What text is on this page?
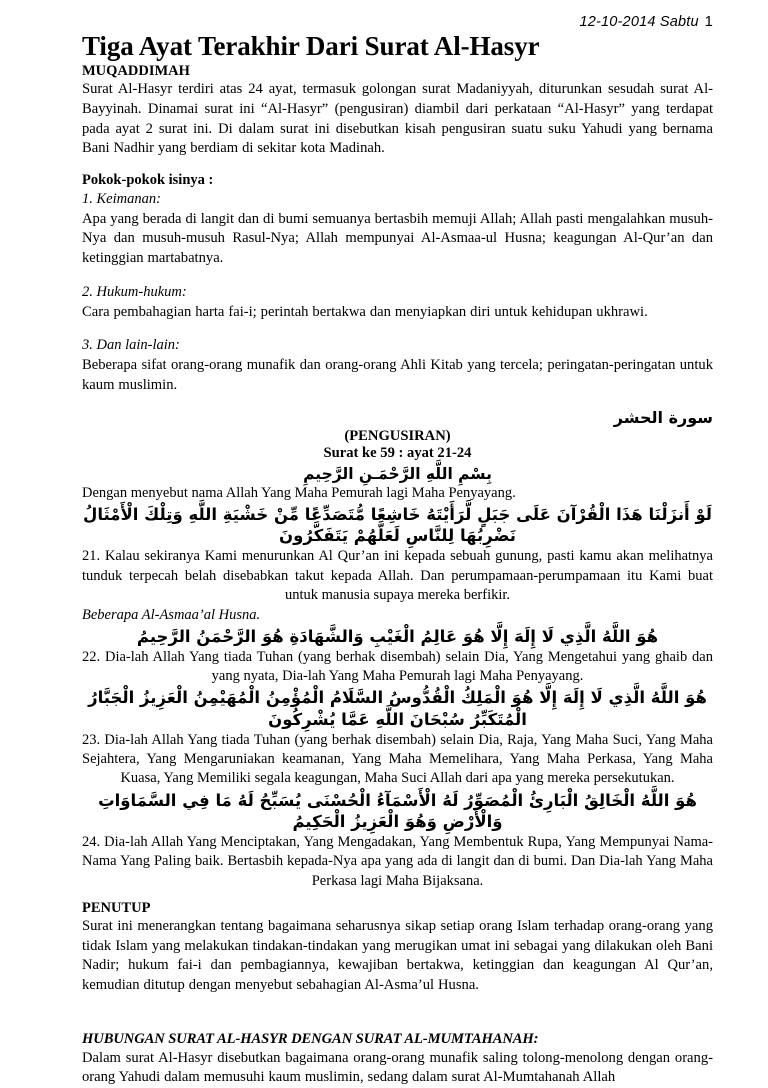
12-10-2014 Sabtu 1
Tiga Ayat Terakhir Dari Surat Al-Hasyr
MUQADDIMAH

Surat Al-Hasyr terdiri atas 24 ayat, termasuk golongan surat Madaniyyah, diturunkan sesudah surat Al-Bayyinah. Dinamai surat ini “Al-Hasyr” (pengusiran) diambil dari perkataan “Al-Hasyr” yang terdapat pada ayat 2 surat ini. Di dalam surat ini disebutkan kisah pengusiran suatu suku Yahudi yang bernama Bani Nadhir yang berdiam di sekitar kota Madinah.

Pokok-pokok isinya :
1. Keimanan:

Apa yang berada di langit dan di bumi semuanya bertasbih memuji Allah; Allah pasti mengalahkan musuh-Nya dan musuh-musuh Rasul-Nya; Allah mempunyai Al-Asmaa-ul Husna; keagungan Al-Qur’an dan ketinggian martabatnya.

2. Hukum-hukum:

Cara pembahagian harta fai-i; perintah bertakwa dan menyiapkan diri untuk kehidupan ukhrawi.

3. Dan lain-lain:

Beberapa sifat orang-orang munafik dan orang-orang Ahli Kitab yang tercela; peringatan-peringatan untuk kaum muslimin.

سورة الحشر
(PENGUSIRAN)
Surat ke 59 : ayat 21-24
بِسْمِ اللَّهِ الرَّحْمَـنِ الرَّحِيمِ

Dengan menyebut nama Allah Yang Maha Pemurah lagi Maha Penyayang.

لَوْ أَنزَلْنَا هَذَا الْقُرْآنَ عَلَى جَبَلٍ لَّرَأَيْتَهُ خَاشِعًا مُّتَصَدِّعًا مِّنْ خَشْيَةِ اللَّهِ وَتِلْكَ الْأَمْثَالُ نَضْرِبُهَا لِلنَّاسِ لَعَلَّهُمْ يَتَفَكَّرُونَ

21. Kalau sekiranya Kami menurunkan Al Qur’an ini kepada sebuah gunung, pasti kamu akan melihatnya tunduk terpecah belah disebabkan takut kepada Allah. Dan perumpamaan-perumpamaan itu Kami buat untuk manusia supaya mereka berfikir.

Beberapa Al-Asmaa’al Husna.
هُوَ اللَّهُ الَّذِي لَا إِلَهَ إِلَّا هُوَ عَالِمُ الْغَيْبِ وَالشَّهَادَةِ هُوَ الرَّحْمَنُ الرَّحِيمُ

22. Dia-lah Allah Yang tiada Tuhan (yang berhak disembah) selain Dia, Yang Mengetahui yang ghaib dan yang nyata, Dia-lah Yang Maha Pemurah lagi Maha Penyayang.

هُوَ اللَّهُ الَّذِي لَا إِلَهَ إِلَّا هُوَ الْمَلِكُ الْقُدُّوسُ السَّلَامُ الْمُؤْمِنُ الْمُهَيْمِنُ الْعَزِيزُ الْجَبَّارُ الْمُتَكَبِّرُ سُبْحَانَ اللَّهِ عَمَّا يُشْرِكُونَ

23. Dia-lah Allah Yang tiada Tuhan (yang berhak disembah) selain Dia, Raja, Yang Maha Suci, Yang Maha Sejahtera, Yang Mengaruniakan keamanan, Yang Maha Memelihara, Yang Maha Perkasa, Yang Maha Kuasa, Yang Memiliki segala keagungan, Maha Suci Allah dari apa yang mereka persekutukan.

هُوَ اللَّهُ الْخَالِقُ الْبَارِئُ الْمُصَوِّرُ لَهُ الْأَسْمَآءُ الْحُسْنَى يُسَبِّحُ لَهُ مَا فِي السَّمَاوَاتِ وَالْأَرْضِ وَهُوَ الْعَزِيزُ الْحَكِيمُ

24. Dia-lah Allah Yang Menciptakan, Yang Mengadakan, Yang Membentuk Rupa, Yang Mempunyai Nama-Nama Yang Paling baik. Bertasbih kepada-Nya apa yang ada di langit dan di bumi. Dan Dia-lah Yang Maha Perkasa lagi Maha Bijaksana.

PENUTUP

Surat ini menerangkan tentang bagaimana seharusnya sikap setiap orang Islam terhadap orang-orang yang tidak Islam yang melakukan tindakan-tindakan yang merugikan umat ini sebagai yang dilakukan oleh Bani Nadir; hukum fai-i dan pembagiannya, kewajiban bertakwa, ketinggian dan keagungan Al Qur’an, kemudian ditutup dengan menyebut sebahagian Al-Asma’ul Husna.

HUBUNGAN SURAT AL-HASYR DENGAN SURAT AL-MUMTAHANAH:

Dalam surat Al-Hasyr disebutkan bagaimana orang-orang munafik saling tolong-menolong dengan orang-orang Yahudi dalam memusuhi kaum muslimin, sedang dalam surat Al-Mumtahanah Allah
